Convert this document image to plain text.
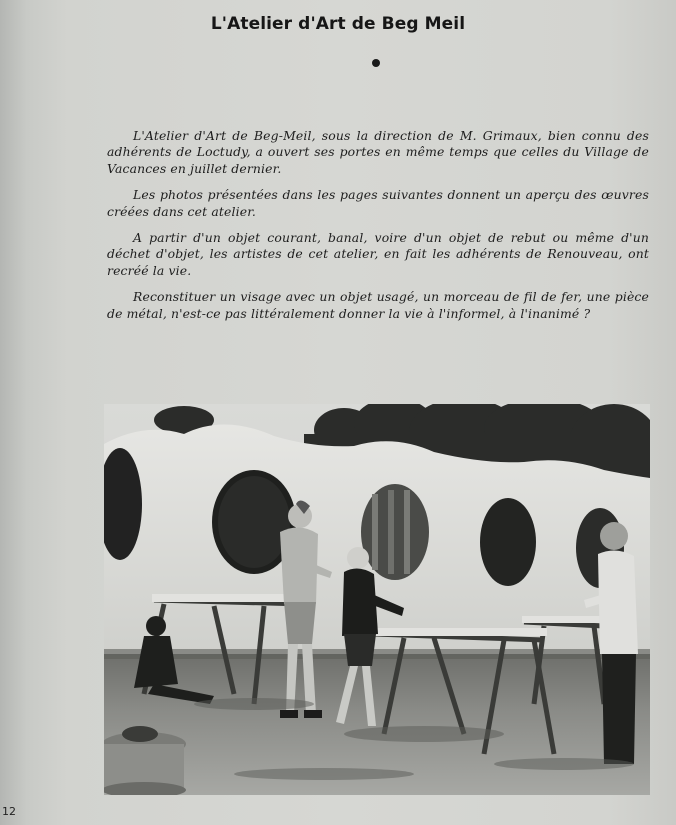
L'Atelier d'Art de Beg Meil

L'Atelier d'Art de Beg-Meil, sous la direction de M. Grimaux, bien connu des adhérents de Loctudy, a ouvert ses portes en même temps que celles du Village de Vacances en juillet dernier.

Les photos présentées dans les pages suivantes donnent un aperçu des œuvres créées dans cet atelier.

A partir d'un objet courant, banal, voire d'un objet de rebut ou même d'un déchet d'objet, les artistes de cet atelier, en fait les adhérents de Renouveau, ont recréé la vie.

Reconstituer un visage avec un objet usagé, un morceau de fil de fer, une pièce de métal, n'est-ce pas littéralement donner la vie à l'informel, à l'inanimé ?

12
